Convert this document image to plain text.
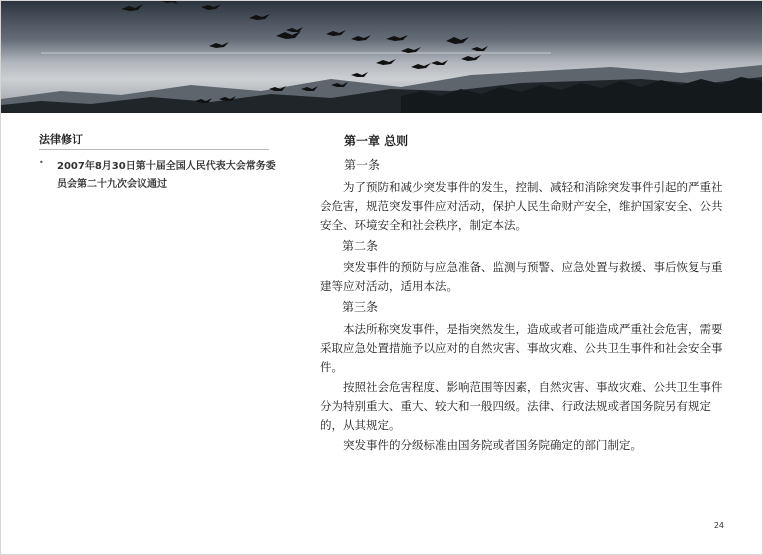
法律修订
• 2007年8月30日第十届全国人民代表大会常务委员会第二十九次会议通过
第一章 总则
第一条
为了预防和减少突发事件的发生，控制、减轻和消除突发事件引起的严重社会危害，规范突发事件应对活动，保护人民生命财产安全，维护国家安全、公共安全、环境安全和社会秩序，制定本法。
第二条
突发事件的预防与应急准备、监测与预警、应急处置与救援、事后恢复与重建等应对活动，适用本法。
第三条
本法所称突发事件，是指突然发生，造成或者可能造成严重社会危害，需要采取应急处置措施予以应对的自然灾害、事故灾难、公共卫生事件和社会安全事件。
按照社会危害程度、影响范围等因素，自然灾害、事故灾难、公共卫生事件分为特别重大、重大、较大和一般四级。法律、行政法规或者国务院另有规定的，从其规定。
突发事件的分级标准由国务院或者国务院确定的部门制定。
24
